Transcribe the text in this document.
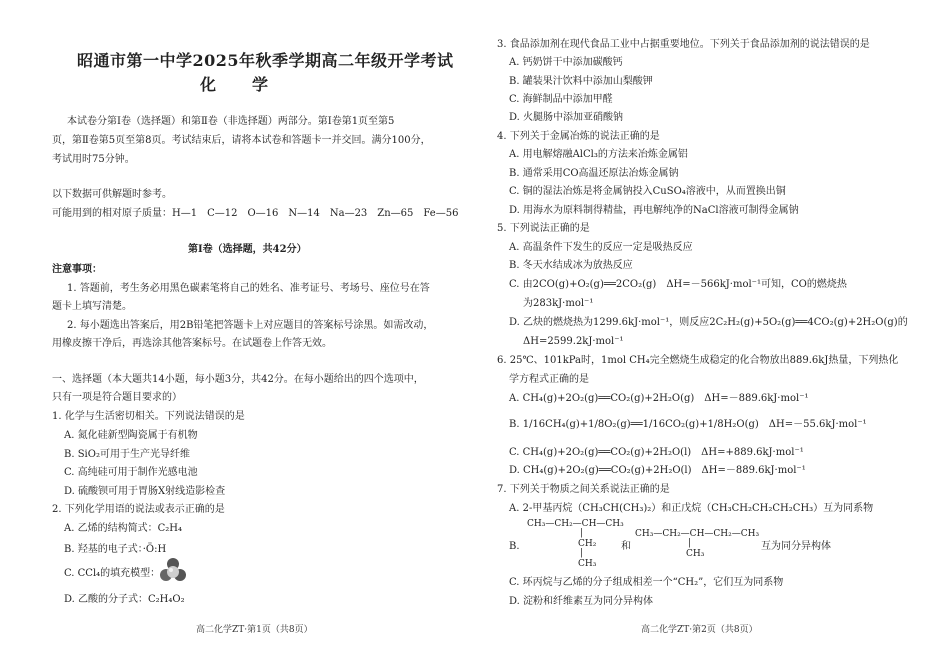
昭通市第一中学2025年秋季学期高二年级开学考试
化　学
本试卷分第Ⅰ卷（选择题）和第Ⅱ卷（非选择题）两部分。第Ⅰ卷第1页至第5
页，第Ⅱ卷第5页至第8页。考试结束后，请将本试卷和答题卡一并交回。满分100分，
考试用时75分钟。
以下数据可供解题时参考。
可能用到的相对原子质量：H—1　C—12　O—16　N—14　Na—23　Zn—65　Fe—56
第Ⅰ卷（选择题，共42分）
注意事项：
1. 答题前，考生务必用黑色碳素笔将自己的姓名、准考证号、考场号、座位号在答
题卡上填写清楚。
2. 每小题选出答案后，用2B铅笔把答题卡上对应题目的答案标号涂黑。如需改动，
用橡皮擦干净后，再选涂其他答案标号。在试题卷上作答无效。
一、选择题（本大题共14小题，每小题3分，共42分。在每小题给出的四个选项中，
只有一项是符合题目要求的）
1. 化学与生活密切相关。下列说法错误的是
A. 氮化硅新型陶瓷属于有机物
B. SiO₂可用于生产光导纤维
C. 高纯硅可用于制作光感电池
D. 硫酸钡可用于胃肠X射线造影检查
2. 下列化学用语的说法或表示正确的是
A. 乙烯的结构简式：C₂H₄
B. 羟基的电子式：·Ö:H
C. CCl₄的填充模型：
D. 乙酸的分子式：C₂H₄O₂
高二化学ZT·第1页（共8页）
3. 食品添加剂在现代食品工业中占据重要地位。下列关于食品添加剂的说法错误的是
A. 钙奶饼干中添加碳酸钙
B. 罐装果汁饮料中添加山梨酸钾
C. 海鲜制品中添加甲醛
D. 火腿肠中添加亚硝酸钠
4. 下列关于金属冶炼的说法正确的是
A. 用电解熔融AlCl₃的方法来冶炼金属铝
B. 通常采用CO高温还原法冶炼金属钠
C. 铜的湿法冶炼是将金属钠投入CuSO₄溶液中，从而置换出铜
D. 用海水为原料制得精盐，再电解纯净的NaCl溶液可制得金属钠
5. 下列说法正确的是
A. 高温条件下发生的反应一定是吸热反应
B. 冬天水结成冰为放热反应
C. 由2CO(g)+O₂(g)══2CO₂(g)　ΔH=－566kJ·mol⁻¹可知，CO的燃烧热
为283kJ·mol⁻¹
D. 乙炔的燃烧热为1299.6kJ·mol⁻¹，则反应2C₂H₂(g)+5O₂(g)══4CO₂(g)+2H₂O(g)的
ΔH=2599.2kJ·mol⁻¹
6. 25℃、101kPa时，1mol CH₄完全燃烧生成稳定的化合物放出889.6kJ热量，下列热化
学方程式正确的是
A. CH₄(g)+2O₂(g)══CO₂(g)+2H₂O(g)　ΔH=－889.6kJ·mol⁻¹
B. 1/16CH₄(g)+1/8O₂(g)══1/16CO₂(g)+1/8H₂O(g)　ΔH=－55.6kJ·mol⁻¹
C. CH₄(g)+2O₂(g)══CO₂(g)+2H₂O(l)　ΔH=+889.6kJ·mol⁻¹
D. CH₄(g)+2O₂(g)══CO₂(g)+2H₂O(l)　ΔH=－889.6kJ·mol⁻¹
7. 下列关于物质之间关系说法正确的是
A. 2-甲基丙烷（CH₃CH(CH₃)₂）和正戊烷（CH₃CH₂CH₂CH₂CH₃）互为同系物
B.
CH₃—CH₂—CH—CH₃
|
CH₂
|
CH₃
和
CH₃—CH₂—CH—CH₂—CH₃
|
CH₃
互为同分异构体
C. 环丙烷与乙烯的分子组成相差一个“CH₂”，它们互为同系物
D. 淀粉和纤维素互为同分异构体
高二化学ZT·第2页（共8页）
